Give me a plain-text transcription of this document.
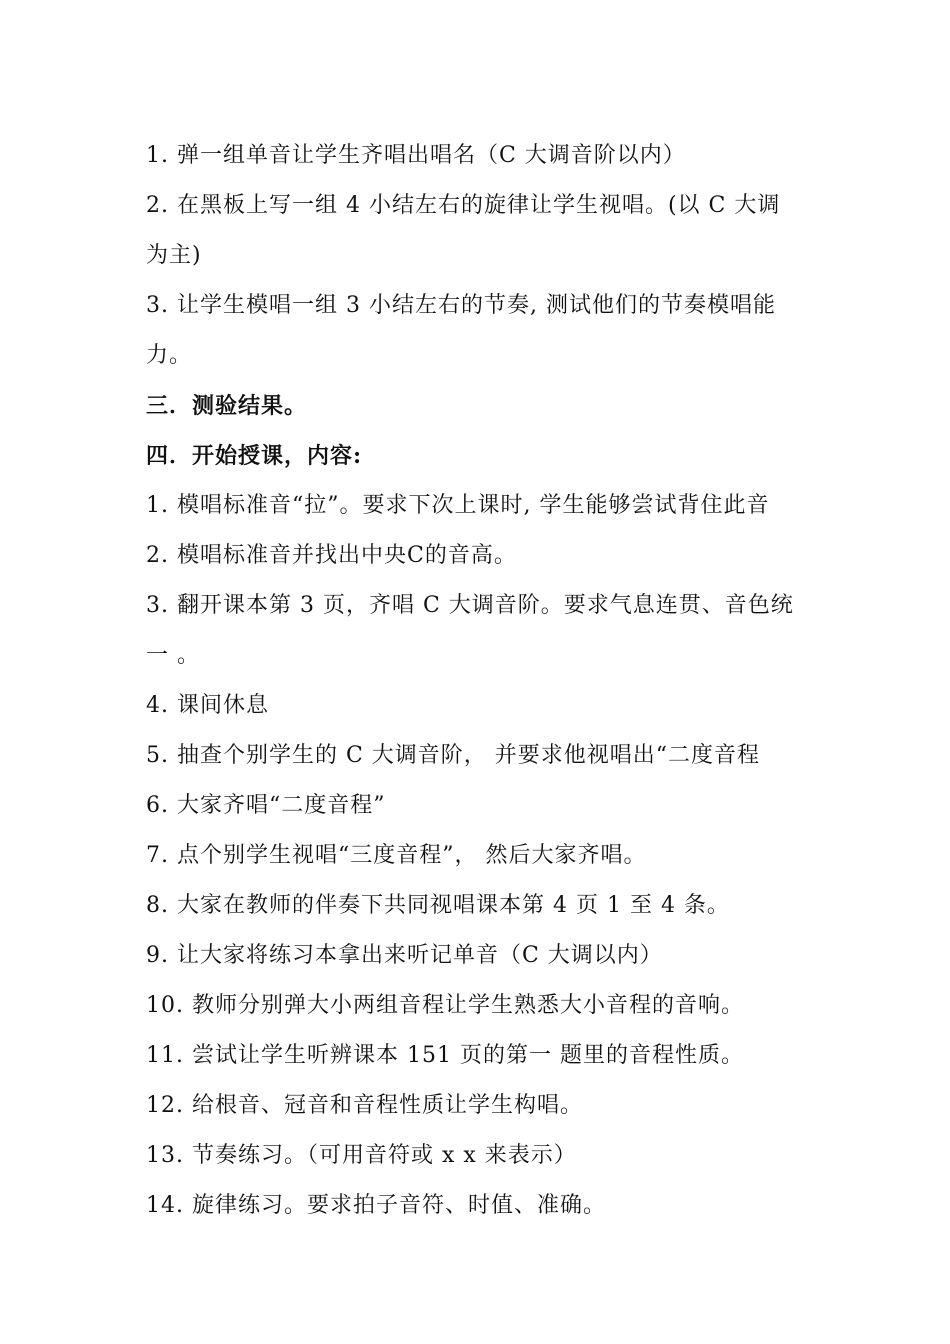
1. 弹一组单音让学生齐唱出唱名（C 大调音阶以内）
2. 在黑板上写一组 4 小结左右的旋律让学生视唱。(以 C 大调
为主)
3. 让学生模唱一组 3 小结左右的节奏, 测试他们的节奏模唱能
力。
三．测验结果。
四．开始授课，内容:
1. 模唱标准音“拉”。要求下次上课时, 学生能够尝试背住此音
2. 模唱标准音并找出中央C的音高。
3. 翻开课本第 3 页，齐唱 C 大调音阶。要求气息连贯、音色统
一 。
4. 课间休息
5. 抽查个别学生的 C 大调音阶， 并要求他视唱出“二度音程
6. 大家齐唱“二度音程”
7. 点个别学生视唱“三度音程”， 然后大家齐唱。
8. 大家在教师的伴奏下共同视唱课本第 4 页 1 至 4 条。
9. 让大家将练习本拿出来听记单音（C 大调以内）
10. 教师分别弹大小两组音程让学生熟悉大小音程的音响。
11. 尝试让学生听辨课本 151 页的第一 题里的音程性质。
12. 给根音、冠音和音程性质让学生构唱。
13. 节奏练习。（可用音符或 x x 来表示）
14. 旋律练习。要求拍子音符、时值、准确。
